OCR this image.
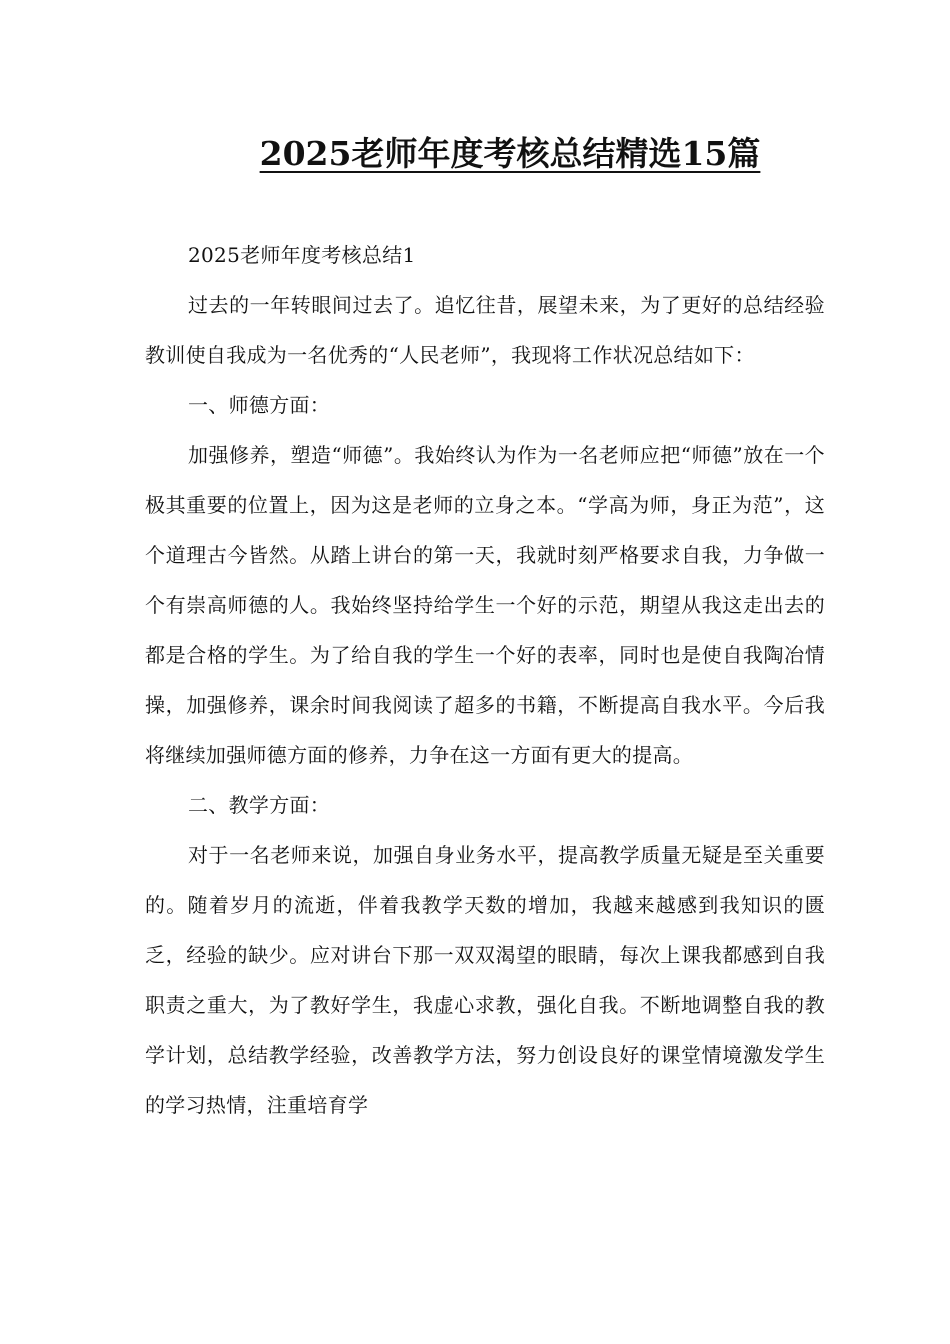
2025老师年度考核总结精选15篇

2025老师年度考核总结1

过去的一年转眼间过去了。追忆往昔，展望未来，为了更好的总结经验教训使自我成为一名优秀的“人民老师”，我现将工作状况总结如下：

一、师德方面：

加强修养，塑造“师德”。我始终认为作为一名老师应把“师德”放在一个极其重要的位置上，因为这是老师的立身之本。“学高为师，身正为范”，这个道理古今皆然。从踏上讲台的第一天，我就时刻严格要求自我，力争做一个有崇高师德的人。我始终坚持给学生一个好的示范，期望从我这走出去的都是合格的学生。为了给自我的学生一个好的表率，同时也是使自我陶冶情操，加强修养，课余时间我阅读了超多的书籍，不断提高自我水平。今后我将继续加强师德方面的修养，力争在这一方面有更大的提高。

二、教学方面：

对于一名老师来说，加强自身业务水平，提高教学质量无疑是至关重要的。随着岁月的流逝，伴着我教学天数的增加，我越来越感到我知识的匮乏，经验的缺少。应对讲台下那一双双渴望的眼睛，每次上课我都感到自我职责之重大，为了教好学生，我虚心求教，强化自我。不断地调整自我的教学计划，总结教学经验，改善教学方法，努力创设良好的课堂情境激发学生的学习热情，注重培育学
